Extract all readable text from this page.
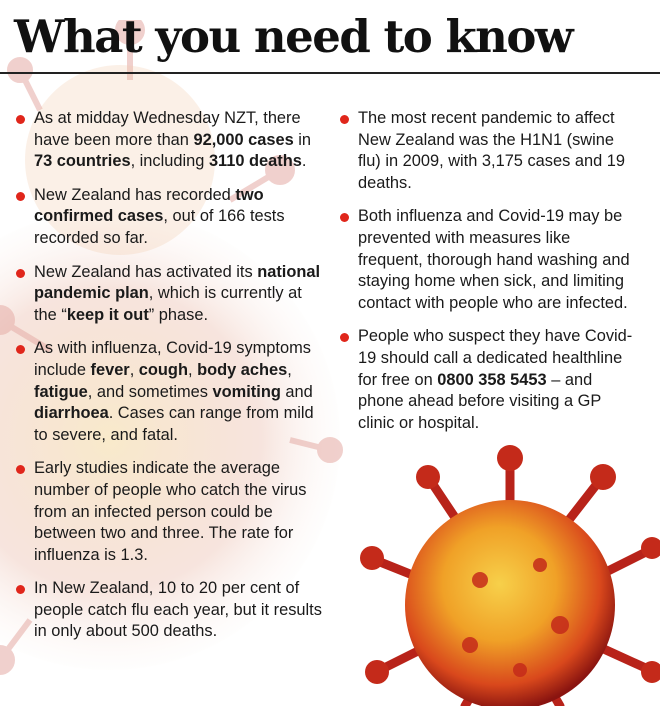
What you need to know
As at midday Wednesday NZT, there have been more than 92,000 cases in 73 countries, including 3110 deaths.
New Zealand has recorded two confirmed cases, out of 166 tests recorded so far.
New Zealand has activated its national pandemic plan, which is currently at the “keep it out” phase.
As with influenza, Covid-19 symptoms include fever, cough, body aches, fatigue, and sometimes vomiting and diarrhoea. Cases can range from mild to severe, and fatal.
Early studies indicate the average number of people who catch the virus from an infected person could be between two and three. The rate for influenza is 1.3.
In New Zealand, 10 to 20 per cent of people catch flu each year, but it results in only about 500 deaths.
The most recent pandemic to affect New Zealand was the H1N1 (swine flu) in 2009, with 3,175 cases and 19 deaths.
Both influenza and Covid-19 may be prevented with measures like frequent, thorough hand washing and staying home when sick, and limiting contact with people who are infected.
People who suspect they have Covid-19 should call a dedicated healthline for free on 0800 358 5453 – and phone ahead before visiting a GP clinic or hospital.
